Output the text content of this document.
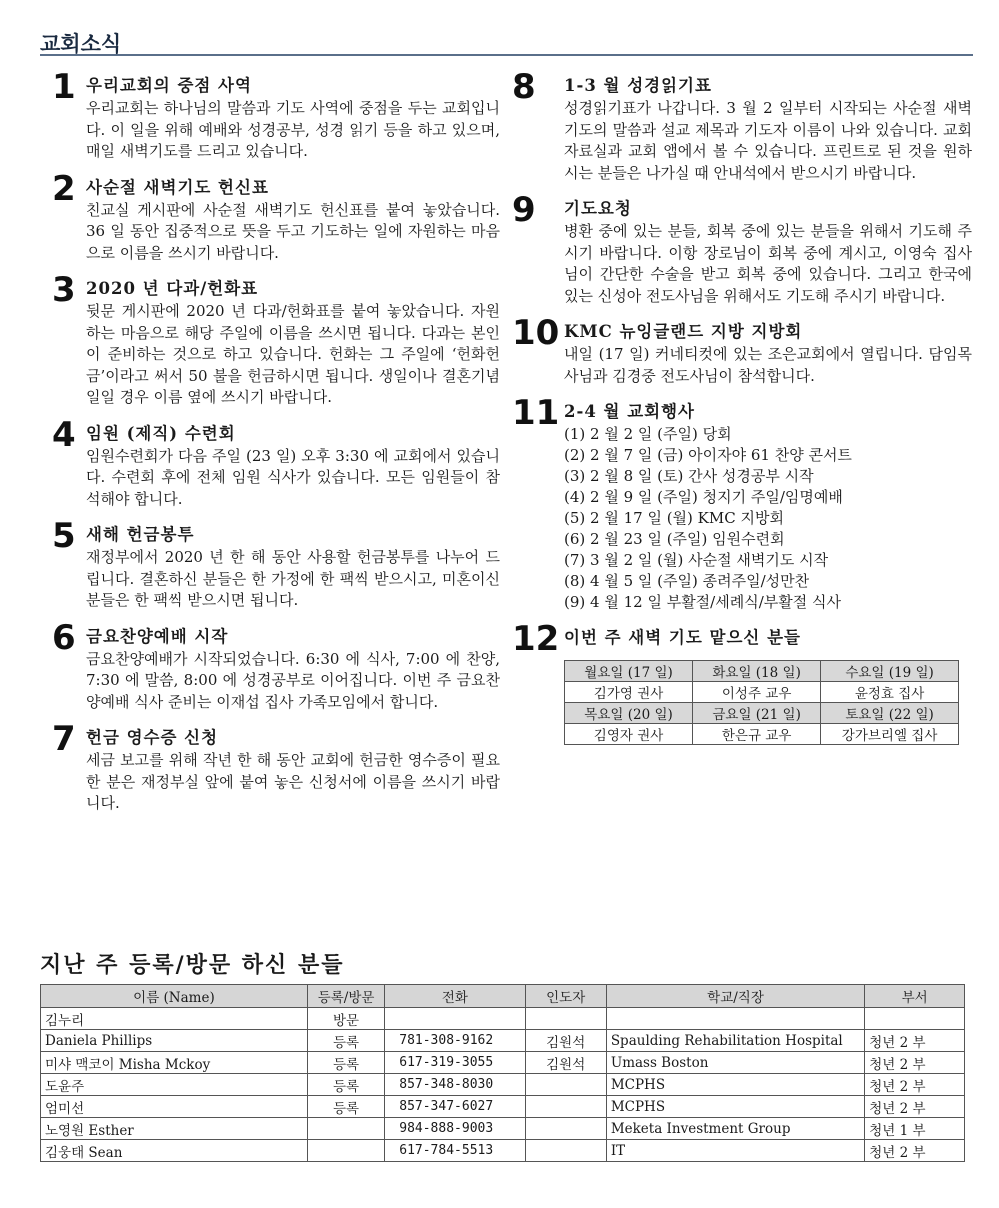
교회소식
1 우리교회의 중점 사역
우리교회는 하나님의 말씀과 기도 사역에 중점을 두는 교회입니다. 이 일을 위해 예배와 성경공부, 성경 읽기 등을 하고 있으며, 매일 새벽기도를 드리고 있습니다.
2 사순절 새벽기도 헌신표
친교실 게시판에 사순절 새벽기도 헌신표를 붙여 놓았습니다. 36 일 동안 집중적으로 뜻을 두고 기도하는 일에 자원하는 마음으로 이름을 쓰시기 바랍니다.
3 2020 년 다과/헌화표
뒷문 게시판에 2020 년 다과/헌화표를 붙여 놓았습니다. 자원하는 마음으로 해당 주일에 이름을 쓰시면 됩니다. 다과는 본인이 준비하는 것으로 하고 있습니다. 헌화는 그 주일에 ‘헌화헌금’이라고 써서 50 불을 헌금하시면 됩니다. 생일이나 결혼기념일일 경우 이름 옆에 쓰시기 바랍니다.
4 임원 (제직) 수련회
임원수련회가 다음 주일 (23 일) 오후 3:30 에 교회에서 있습니다. 수련회 후에 전체 임원 식사가 있습니다. 모든 임원들이 참석해야 합니다.
5 새해 헌금봉투
재정부에서 2020 년 한 해 동안 사용할 헌금봉투를 나누어 드립니다. 결혼하신 분들은 한 가정에 한 팩씩 받으시고, 미혼이신 분들은 한 팩씩 받으시면 됩니다.
6 금요찬양예배 시작
금요찬양예배가 시작되었습니다. 6:30 에 식사, 7:00 에 찬양, 7:30 에 말씀, 8:00 에 성경공부로 이어집니다. 이번 주 금요찬양예배 식사 준비는 이재섭 집사 가족모임에서 합니다.
7 헌금 영수증 신청
세금 보고를 위해 작년 한 해 동안 교회에 헌금한 영수증이 필요한 분은 재정부실 앞에 붙여 놓은 신청서에 이름을 쓰시기 바랍니다.
8 1-3 월 성경읽기표
성경읽기표가 나갑니다. 3 월 2 일부터 시작되는 사순절 새벽 기도의 말씀과 설교 제목과 기도자 이름이 나와 있습니다. 교회 자료실과 교회 앱에서 볼 수 있습니다. 프린트로 된 것을 원하시는 분들은 나가실 때 안내석에서 받으시기 바랍니다.
9 기도요청
병환 중에 있는 분들, 회복 중에 있는 분들을 위해서 기도해 주시기 바랍니다. 이항 장로님이 회복 중에 계시고, 이영숙 집사님이 간단한 수술을 받고 회복 중에 있습니다. 그리고 한국에 있는 신성아 전도사님을 위해서도 기도해 주시기 바랍니다.
10 KMC 뉴잉글랜드 지방 지방회
내일 (17 일) 커네티컷에 있는 조은교회에서 열립니다. 담임목사님과 김경중 전도사님이 참석합니다.
11 2-4 월 교회행사
(1) 2 월 2 일 (주일) 당회
(2) 2 월 7 일 (금) 아이자야 61 찬양 콘서트
(3) 2 월 8 일 (토) 간사 성경공부 시작
(4) 2 월 9 일 (주일) 청지기 주일/임명예배
(5) 2 월 17 일 (월) KMC 지방회
(6) 2 월 23 일 (주일) 임원수련회
(7) 3 월 2 일 (월) 사순절 새벽기도 시작
(8) 4 월 5 일 (주일) 종려주일/성만찬
(9) 4 월 12 일 부활절/세례식/부활절 식사
12 이번 주 새벽 기도 맡으신 분들
월요일 (17 일)	화요일 (18 일)	수요일 (19 일)
김가영 권사	이성주 교우	윤정효 집사
목요일 (20 일)	금요일 (21 일)	토요일 (22 일)
김영자 권사	한은규 교우	강가브리엘 집사
지난 주 등록/방문 하신 분들
이름 (Name)	등록/방문	전화	인도자	학교/직장	부서
김누리	방문				
Daniela Phillips	등록	781-308-9162	김원석	Spaulding Rehabilitation Hospital	청년 2 부
미샤 맥코이 Misha Mckoy	등록	617-319-3055	김원석	Umass Boston	청년 2 부
도윤주	등록	857-348-8030		MCPHS	청년 2 부
엄미선	등록	857-347-6027		MCPHS	청년 2 부
노영원 Esther		984-888-9003		Meketa Investment Group	청년 1 부
김웅태 Sean		617-784-5513		IT	청년 2 부
